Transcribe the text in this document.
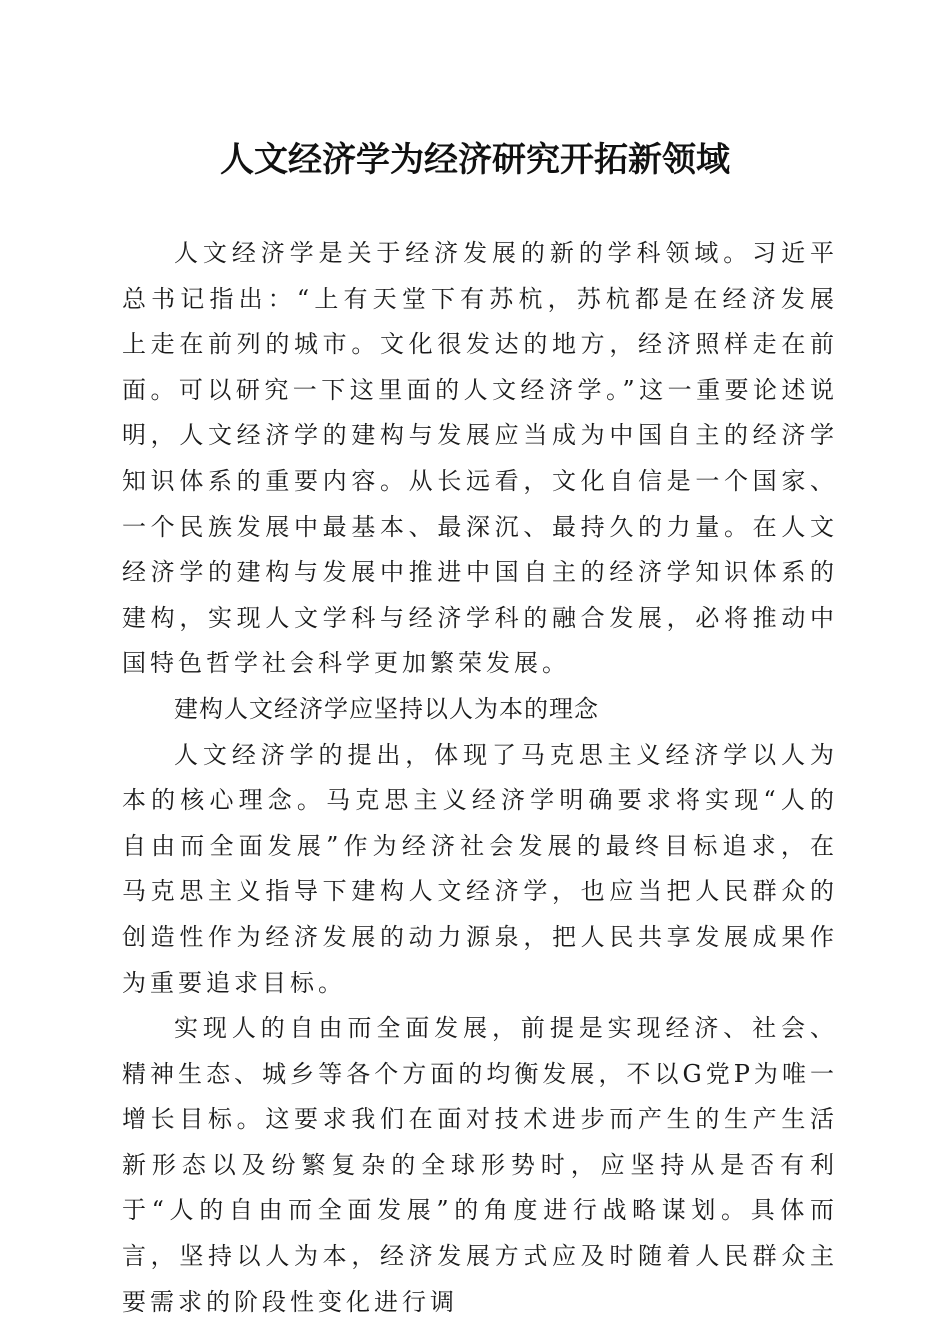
人文经济学为经济研究开拓新领域

人文经济学是关于经济发展的新的学科领域。习近平总书记指出：“上有天堂下有苏杭，苏杭都是在经济发展上走在前列的城市。文化很发达的地方，经济照样走在前面。可以研究一下这里面的人文经济学。”这一重要论述说明，人文经济学的建构与发展应当成为中国自主的经济学知识体系的重要内容。从长远看，文化自信是一个国家、一个民族发展中最基本、最深沉、最持久的力量。在人文经济学的建构与发展中推进中国自主的经济学知识体系的建构，实现人文学科与经济学科的融合发展，必将推动中国特色哲学社会科学更加繁荣发展。

建构人文经济学应坚持以人为本的理念

人文经济学的提出，体现了马克思主义经济学以人为本的核心理念。马克思主义经济学明确要求将实现“人的自由而全面发展”作为经济社会发展的最终目标追求，在马克思主义指导下建构人文经济学，也应当把人民群众的创造性作为经济发展的动力源泉，把人民共享发展成果作为重要追求目标。

实现人的自由而全面发展，前提是实现经济、社会、精神生态、城乡等各个方面的均衡发展，不以G党P为唯一增长目标。这要求我们在面对技术进步而产生的生产生活新形态以及纷繁复杂的全球形势时，应坚持从是否有利于“人的自由而全面发展”的角度进行战略谋划。具体而言，坚持以人为本，经济发展方式应及时随着人民群众主要需求的阶段性变化进行调
